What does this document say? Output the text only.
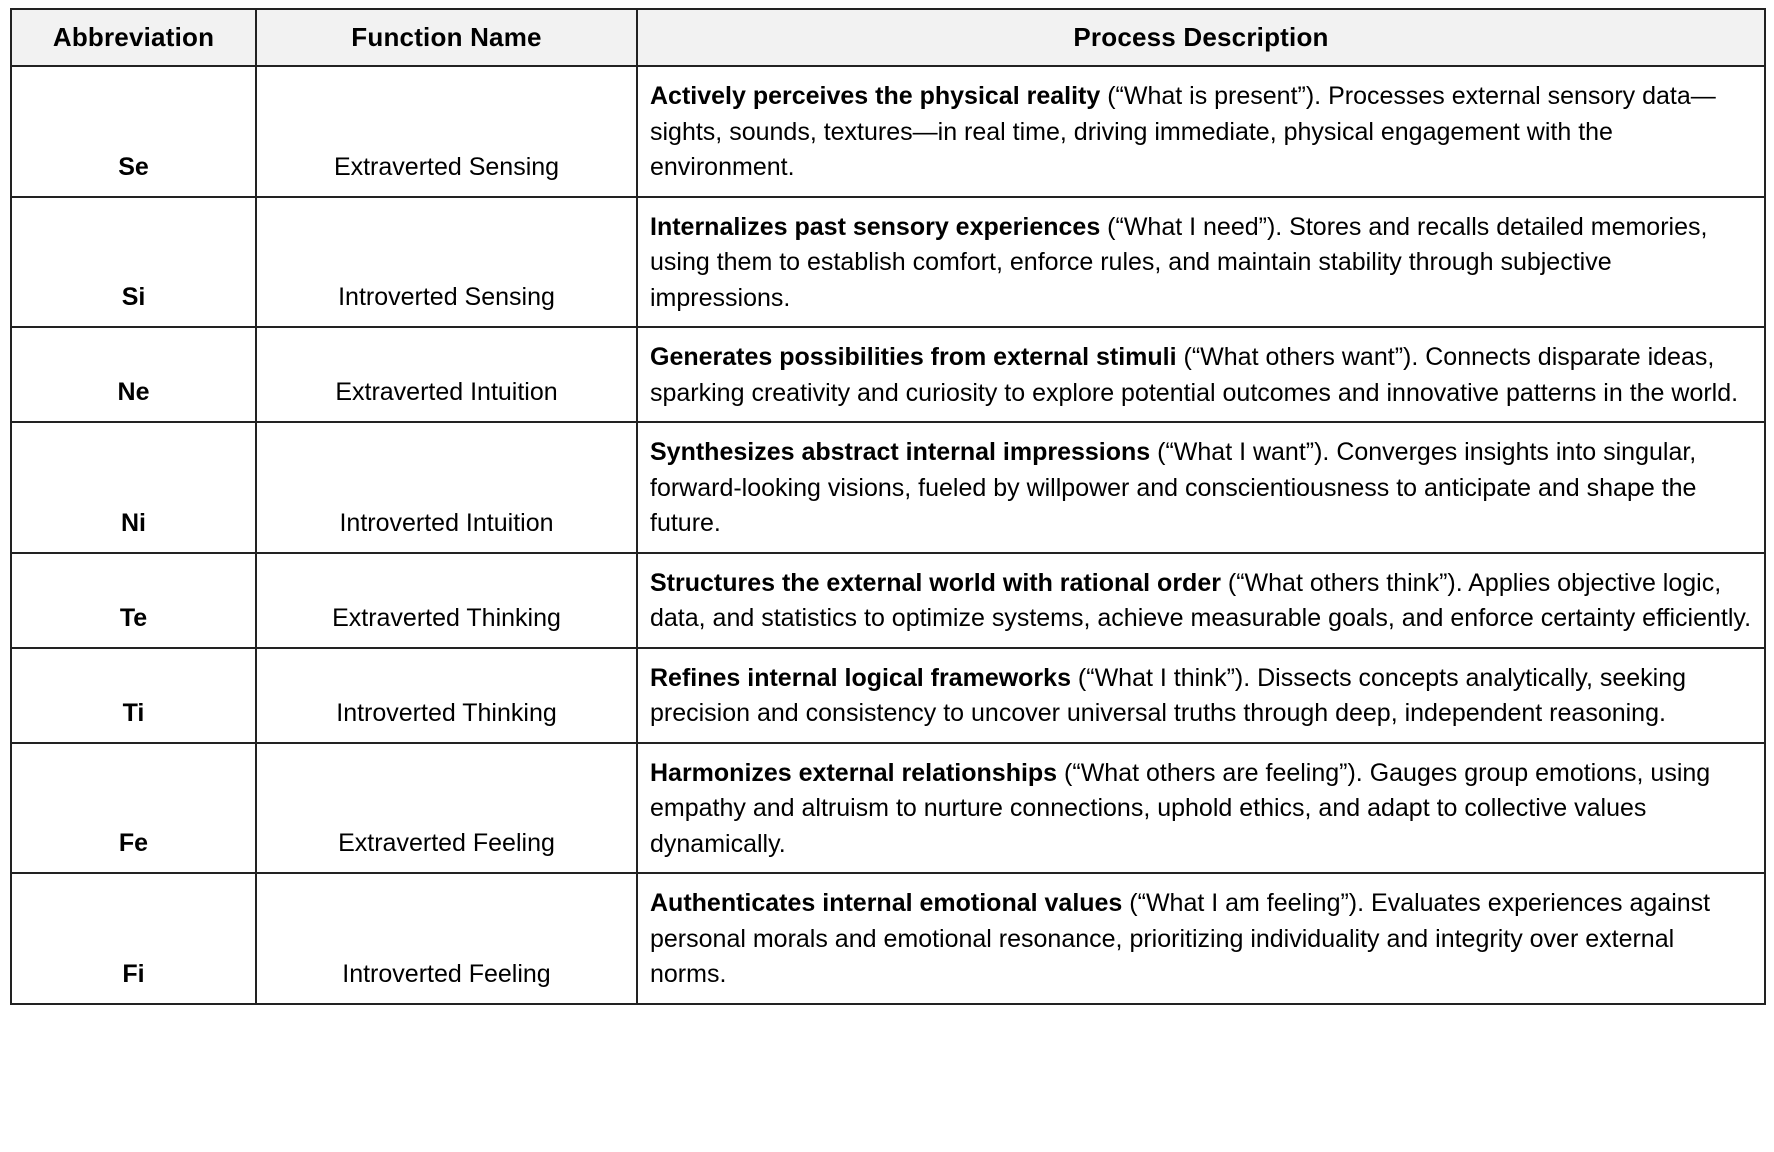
Abbreviation	Function Name	Process Description
Se	Extraverted Sensing	Actively perceives the physical reality (“What is present”). Processes external sensory data—sights, sounds, textures—in real time, driving immediate, physical engagement with the environment.
Si	Introverted Sensing	Internalizes past sensory experiences (“What I need”). Stores and recalls detailed memories, using them to establish comfort, enforce rules, and maintain stability through subjective impressions.
Ne	Extraverted Intuition	Generates possibilities from external stimuli (“What others want”). Connects disparate ideas, sparking creativity and curiosity to explore potential outcomes and innovative patterns in the world.
Ni	Introverted Intuition	Synthesizes abstract internal impressions (“What I want”). Converges insights into singular, forward-looking visions, fueled by willpower and conscientiousness to anticipate and shape the future.
Te	Extraverted Thinking	Structures the external world with rational order (“What others think”). Applies objective logic, data, and statistics to optimize systems, achieve measurable goals, and enforce certainty efficiently.
Ti	Introverted Thinking	Refines internal logical frameworks (“What I think”). Dissects concepts analytically, seeking precision and consistency to uncover universal truths through deep, independent reasoning.
Fe	Extraverted Feeling	Harmonizes external relationships (“What others are feeling”). Gauges group emotions, using empathy and altruism to nurture connections, uphold ethics, and adapt to collective values dynamically.
Fi	Introverted Feeling	Authenticates internal emotional values (“What I am feeling”). Evaluates experiences against personal morals and emotional resonance, prioritizing individuality and integrity over external norms.
